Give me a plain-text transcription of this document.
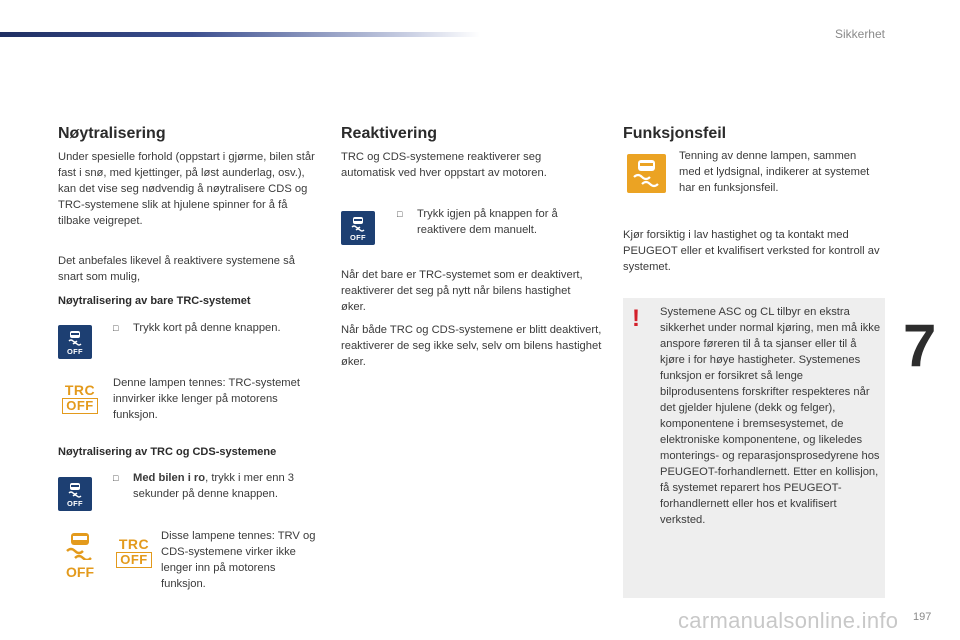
Sikkerhet
Nøytralisering

Under spesielle forhold (oppstart i gjørme, bilen står fast i snø, med kjettinger, på løst aunderlag, osv.), kan det vise seg nødvendig å nøytralisere CDS og TRC-systemene slik at hjulene spinner for å få tilbake veigrepet.

Det anbefales likevel å reaktivere systemene så snart som mulig,

Nøytralisering av bare TRC-systemet

OFF
□ Trykk kort på denne knappen.
TRC
OFF

Denne lampen tennes: TRC-systemet innvirker ikke lenger på motorens funksjon.

Nøytralisering av TRC og CDS-systemene

OFF
□ Med bilen i ro, trykk i mer enn 3 sekunder på denne knappen.
OFF
TRC
OFF

Disse lampene tennes: TRV og CDS-systemene virker ikke lenger inn på motorens funksjon.

Reaktivering

TRC og CDS-systemene reaktiverer seg automatisk ved hver oppstart av motoren.

OFF
□ Trykk igjen på knappen for å reaktivere dem manuelt.

Når det bare er TRC-systemet som er deaktivert, reaktiverer det seg på nytt når bilens hastighet øker.

Når både TRC og CDS-systemene er blitt deaktivert, reaktiverer de seg ikke selv, selv om bilens hastighet øker.

Funksjonsfeil

Tenning av denne lampen, sammen med et lydsignal, indikerer at systemet har en funksjonsfeil.

Kjør forsiktig i lav hastighet og ta kontakt med PEUGEOT eller et kvalifisert verksted for kontroll av systemet.

! Systemene ASC og CL tilbyr en ekstra sikkerhet under normal kjøring, men må ikke anspore føreren til å ta sjanser eller til å kjøre i for høye hastigheter. Systemenes funksjon er forsikret så lenge bilprodusentens forskrifter respekteres når det gjelder hjulene (dekk og felger), komponentene i bremsesystemet, de elektroniske komponentene, og likeledes monterings- og reparasjonsprosedyrene hos PEUGEOT-forhandlernett. Etter en kollisjon, få systemet reparert hos PEUGEOT-forhandlernett eller hos et kvalifisert verksted.

7
carmanualsonline.info 197
